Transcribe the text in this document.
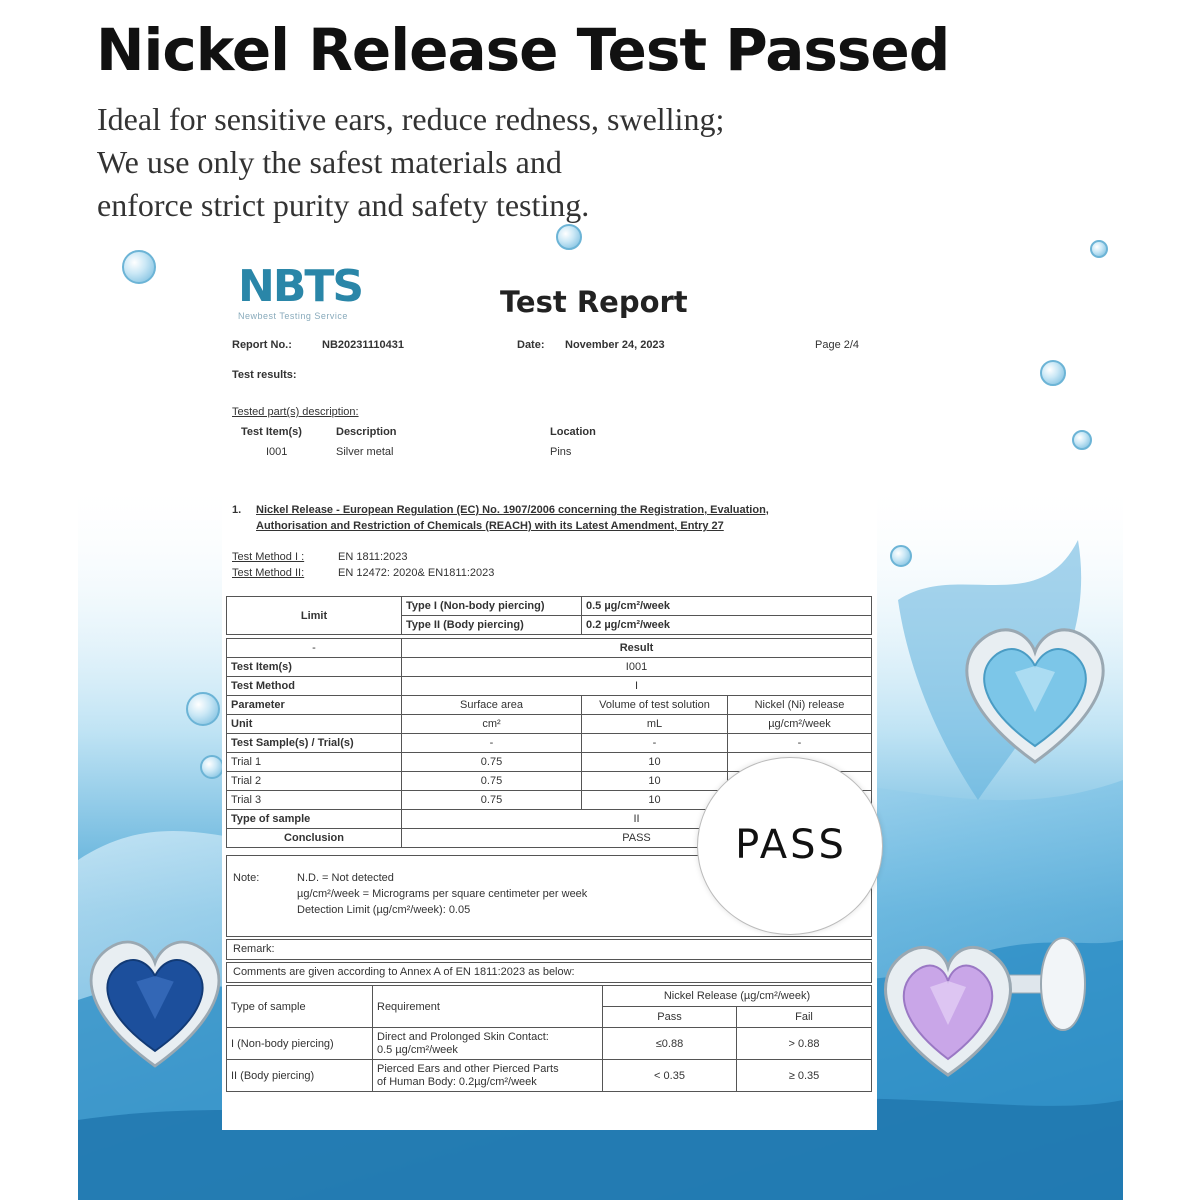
Nickel Release Test Passed
Ideal for sensitive ears, reduce redness, swelling;
We use only the safest materials and
enforce strict purity and safety testing.
NBTS
Newbest Testing Service	Test Report
Report No.:	NB20231110431	Date: November 24, 2023	Page 2/4
Test results:
Tested part(s) description:
Test Item(s)	Description	Location
I001	Silver metal	Pins
1. Nickel Release - European Regulation (EC) No. 1907/2006 concerning the Registration, Evaluation,
Authorisation and Restriction of Chemicals (REACH) with its Latest Amendment, Entry 27
Test Method I :	EN 1811:2023
Test Method II:	EN 12472: 2020& EN1811:2023
Limit	Type I (Non-body piercing)	0.5 µg/cm²/week
	Type II (Body piercing)	0.2 µg/cm²/week
-	Result		
Test Item(s)	I001		
Test Method	I		
Parameter	Surface area	Volume of test solution	Nickel (Ni) release
Unit	cm²	mL	µg/cm²/week
Test Sample(s) / Trial(s)	-	-	-
Trial 1	0.75	10	
Trial 2	0.75	10	
Trial 3	0.75	10	
Type of sample	II		
Conclusion	PASS		
Note:	N.D. = Not detected
µg/cm²/week = Micrograms per square centimeter per week
Detection Limit (µg/cm²/week): 0.05
Remark:
Comments are given according to Annex A of EN 1811:2023 as below:
Type of sample	Requirement	Nickel Release (µg/cm²/week)	
		Pass	Fail
I (Non-body piercing)	Direct and Prolonged Skin Contact:
0.5 µg/cm²/week	≤0.88	> 0.88
II (Body piercing)	Pierced Ears and other Pierced Parts
of Human Body: 0.2µg/cm²/week	< 0.35	≥ 0.35
PASS
